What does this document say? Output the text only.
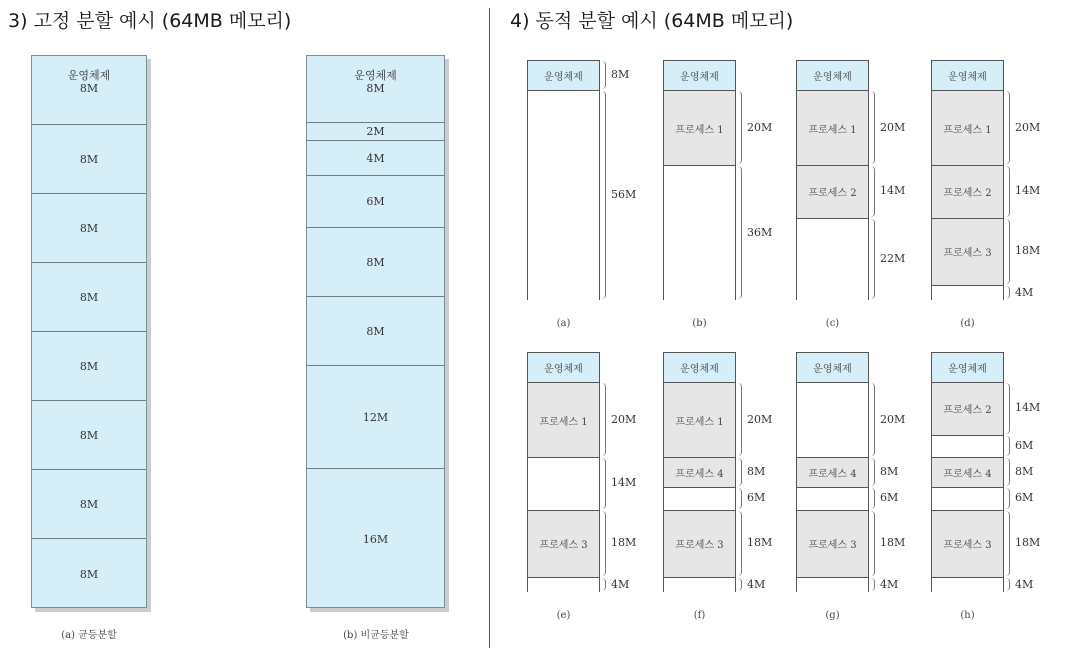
3) 고정 분할 예시 (64MB 메모리)	4) 동적 분할 예시 (64MB 메모리)
운영체제
8M
8M
8M
8M
8M
8M
8M
8M
(a) 균등분할
운영체제
8M
2M
4M
6M
8M
8M
12M
16M
(b) 비균등분할
8M
56M
운영체제
(a)
20M
36M
운영체제
프로세스 1
(b)
20M
14M
22M
운영체제
프로세스 1
프로세스 2
(c)
20M
14M
18M
4M
운영체제
프로세스 1
프로세스 2
프로세스 3
(d)
20M
14M
18M
4M
운영체제
프로세스 1
프로세스 3
(e)
20M
8M
6M
18M
4M
운영체제
프로세스 1
프로세스 4
프로세스 3
(f)
20M
8M
6M
18M
4M
운영체제
프로세스 4
프로세스 3
(g)
14M
6M
8M
6M
18M
4M
운영체제
프로세스 2
프로세스 4
프로세스 3
(h)
